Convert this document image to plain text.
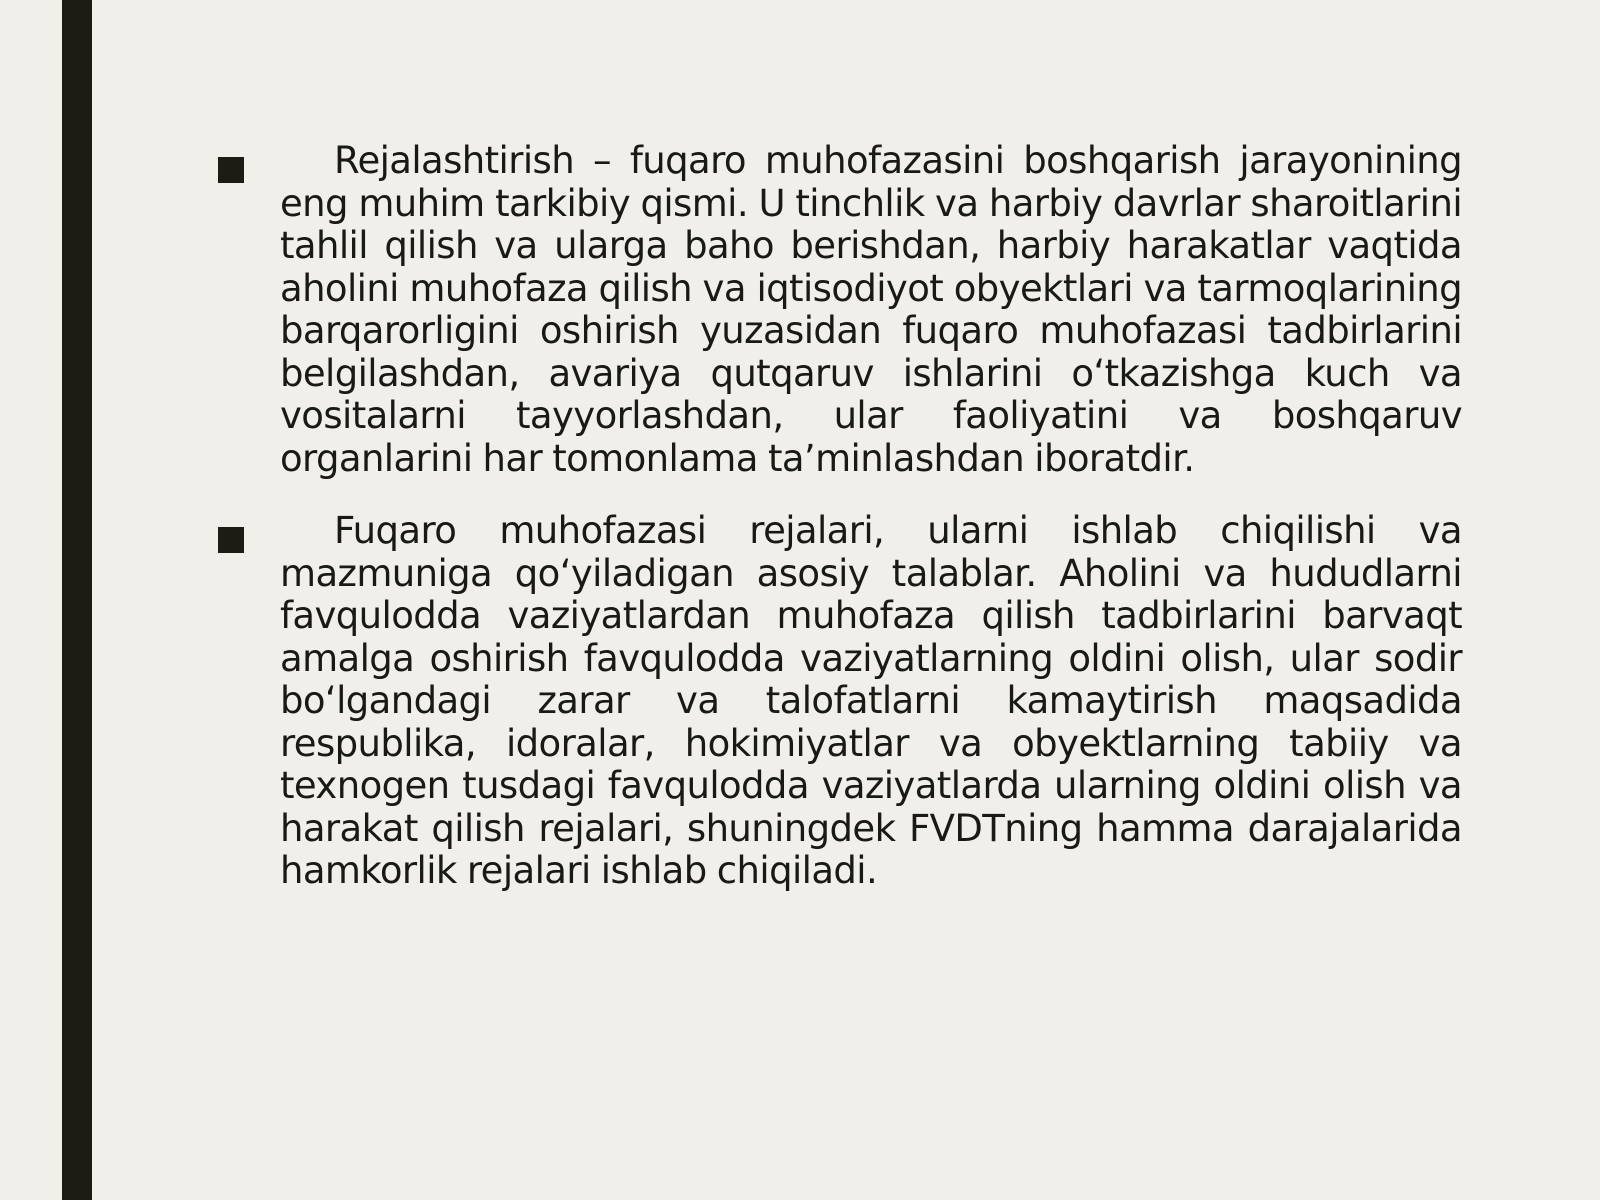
Rejalashtirish – fuqaro muhofazasini boshqarish jarayonining eng muhim tarkibiy qismi. U tinchlik va harbiy davrlar sharoitlarini tahlil qilish va ularga baho berishdan, harbiy harakatlar vaqtida aholini muhofaza qilish va iqtisodiyot obyektlari va tarmoqlarining barqarorligini oshirish yuzasidan fuqaro muhofazasi tadbirlarini belgilashdan, avariya qutqaruv ishlarini o‘tkazishga kuch va vositalarni tayyorlashdan, ular faoliyatini va boshqaruv organlarini har tomonlama ta’minlashdan iboratdir.

Fuqaro muhofazasi rejalari, ularni ishlab chiqilishi va mazmuniga qo‘yiladigan asosiy talablar. Aholini va hududlarni favqulodda vaziyatlardan muhofaza qilish tadbirlarini barvaqt amalga oshirish favqulodda vaziyatlarning oldini olish, ular sodir bo‘lgandagi zarar va talofatlarni kamaytirish maqsadida respublika, idoralar, hokimiyatlar va obyektlarning tabiiy va texnogen tusdagi favqulodda vaziyatlarda ularning oldini olish va harakat qilish rejalari, shuningdek FVDTning hamma darajalarida hamkorlik rejalari ishlab chiqiladi.
